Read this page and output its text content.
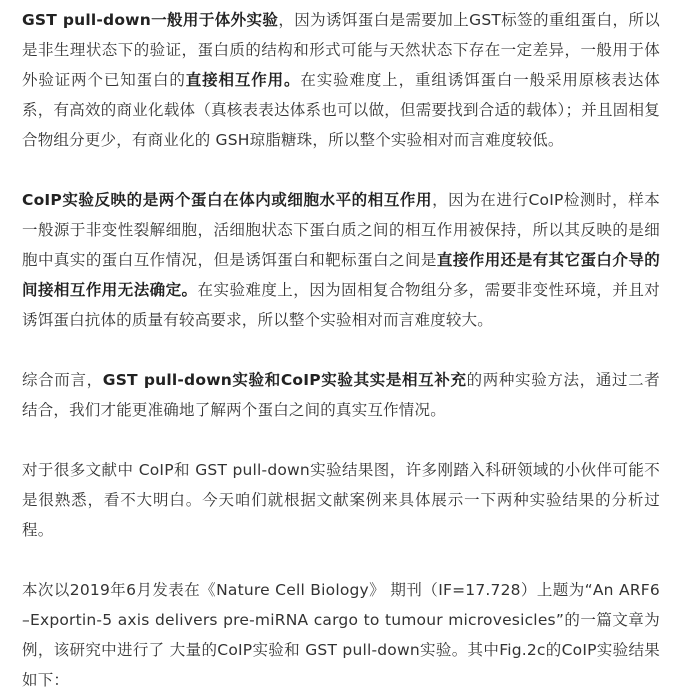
GST pull-down一般用于体外实验，因为诱饵蛋白是需要加上GST标签的重组蛋白，所以是非生理状态下的验证，蛋白质的结构和形式可能与天然状态下存在一定差异，一般用于体外验证两个已知蛋白的直接相互作用。在实验难度上，重组诱饵蛋白一般采用原核表达体系，有高效的商业化载体（真核表表达体系也可以做，但需要找到合适的载体）；并且固相复合物组分更少，有商业化的 GSH琼脂糖珠，所以整个实验相对而言难度较低。

CoIP实验反映的是两个蛋白在体内或细胞水平的相互作用，因为在进行CoIP检测时，样本一般源于非变性裂解细胞，活细胞状态下蛋白质之间的相互作用被保持，所以其反映的是细胞中真实的蛋白互作情况，但是诱饵蛋白和靶标蛋白之间是直接作用还是有其它蛋白介导的间接相互作用无法确定。在实验难度上，因为固相复合物组分多，需要非变性环境，并且对诱饵蛋白抗体的质量有较高要求，所以整个实验相对而言难度较大。

综合而言，GST pull-down实验和CoIP实验其实是相互补充的两种实验方法，通过二者结合，我们才能更准确地了解两个蛋白之间的真实互作情况。

对于很多文献中 CoIP和 GST pull-down实验结果图，许多刚踏入科研领域的小伙伴可能不是很熟悉，看不大明白。今天咱们就根据文献案例来具体展示一下两种实验结果的分析过程。

本次以2019年6月发表在《Nature Cell Biology》 期刊（IF=17.728）上题为“An ARF6–Exportin-5 axis delivers pre-miRNA cargo to tumour microvesicles”的一篇文章为例，该研究中进行了 大量的CoIP实验和 GST pull-down实验。其中Fig.2c的CoIP实验结果如下：
